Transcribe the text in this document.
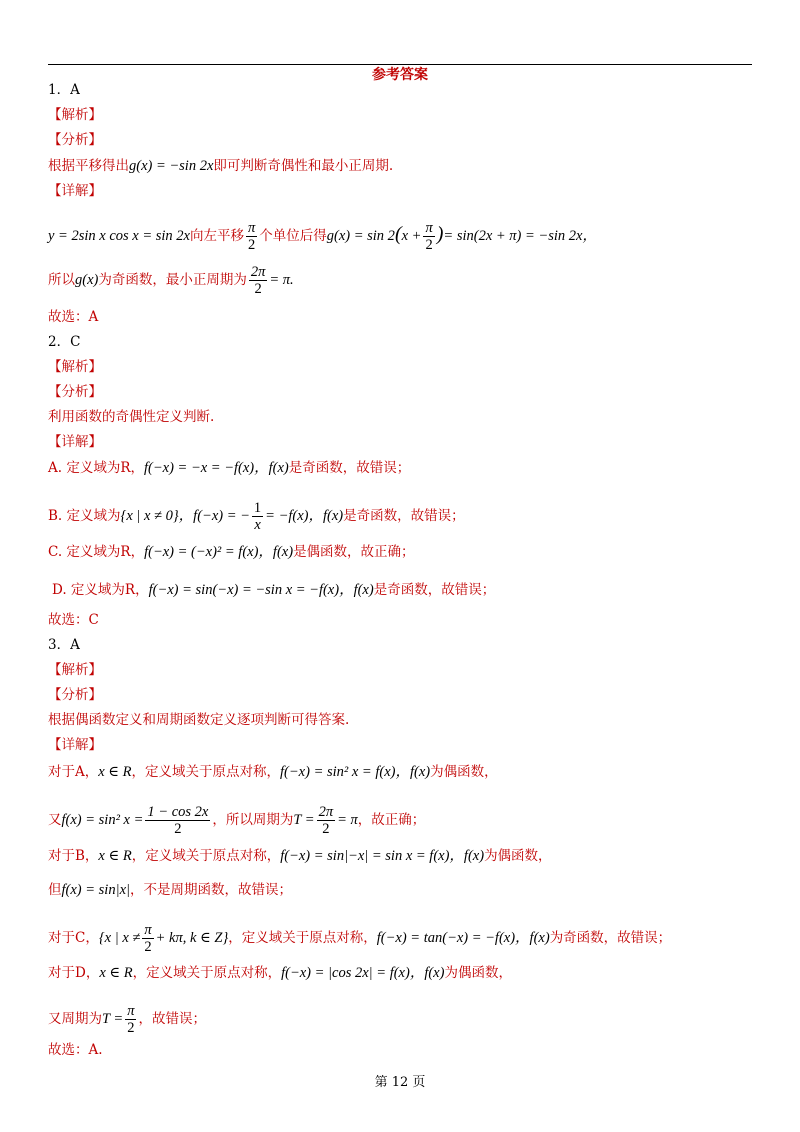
参考答案
1．A
【解析】
【分析】
根据平移得出g(x) = −sin 2x即可判断奇偶性和最小正周期.
【详解】
y = 2sin x cos x = sin 2x向左平移 $\frac{\pi}{2}$ 个单位后得$g(x) = \sin 2(x + \frac{\pi}{2}$ )= sin(2x + π) = −sin 2x，
所以g(x)为奇函数，最小正周期为 $\frac{2\pi}{2} = \pi$.
故选：A
2．C
【解析】
【分析】
利用函数的奇偶性定义判断.
【详解】
A. 定义域为R，f(−x) = −x = −f(x)，f(x)是奇函数，故错误；
B. 定义域为{x | x ≠ 0}，f(−x) = − $\frac{1}{x} = -f(x)$，f(x)是奇函数，故错误；
C. 定义域为R，f(−x) = (−x)² = f(x)，f(x)是偶函数，故正确；
D. 定义域为R，f(−x) = sin(−x) = −sin x = −f(x)，f(x)是奇函数，故错误；
故选：C
3．A
【解析】
【分析】
根据偶函数定义和周期函数定义逐项判断可得答案.
【详解】
对于A，x ∈ R，定义域关于原点对称，f(−x) = sin² x = f(x)，f(x)为偶函数，
又f(x) = sin² $x = \frac{1 - \cos 2x}{2}$ ，所以周期为$T = \frac{2\pi}{2} = \pi$，故正确；
对于B，x ∈ R，定义域关于原点对称，f(−x) = sin|−x| = sin x = f(x)，f(x)为偶函数，
但f(x) = sin|x|，不是周期函数，故错误；
对于C，{x | $x \ne \frac{\pi}{2} + k\pi$, k ∈ Z}，定义域关于原点对称，f(−x) = tan(−x) = −f(x)，f(x)为奇函数，故错误；
对于D，x ∈ R，定义域关于原点对称，f(−x) = |cos 2x| = f(x)，f(x)为偶函数，
又周期为$T = \frac{\pi}{2}$ ，故错误；
故选：A.
第 12 页
